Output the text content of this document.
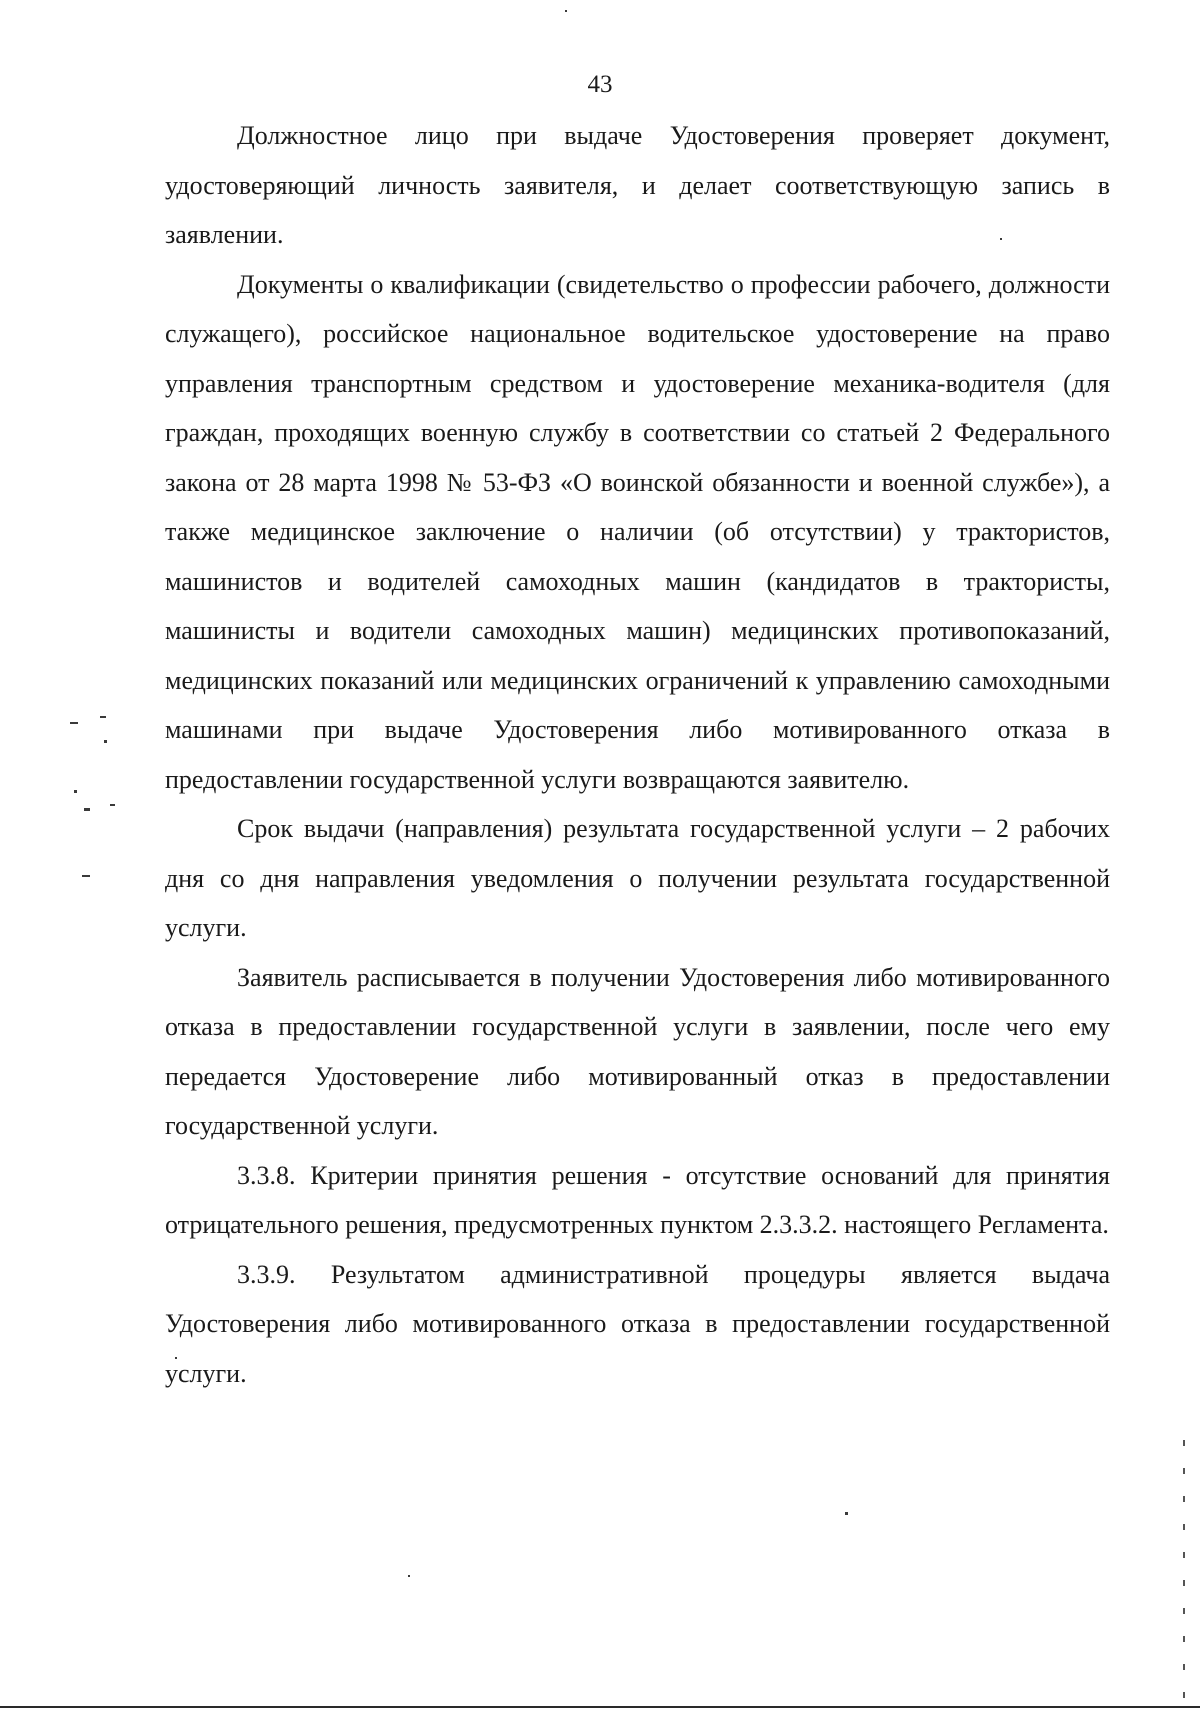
43

Должностное лицо при выдаче Удостоверения проверяет документ, удостоверяющий личность заявителя, и делает соответствующую запись в заявлении.

Документы о квалификации (свидетельство о профессии рабочего, должности служащего), российское национальное водительское удостоверение на право управления транспортным средством и удостоверение механика-водителя (для граждан, проходящих военную службу в соответствии со статьей 2 Федерального закона от 28 марта 1998 № 53-ФЗ «О воинской обязанности и военной службе»), а также медицинское заключение о наличии (об отсутствии) у трактористов, машинистов и водителей самоходных машин (кандидатов в трактористы, машинисты и водители самоходных машин) медицинских противопоказаний, медицинских показаний или медицинских ограничений к управлению самоходными машинами при выдаче Удостоверения либо мотивированного отказа в предоставлении государственной услуги возвращаются заявителю.

Срок выдачи (направления) результата государственной услуги – 2 рабочих дня со дня направления уведомления о получении результата государственной услуги.

Заявитель расписывается в получении Удостоверения либо мотивированного отказа в предоставлении государственной услуги в заявлении, после чего ему передается Удостоверение либо мотивированный отказ в предоставлении государственной услуги.

3.3.8. Критерии принятия решения - отсутствие оснований для принятия отрицательного решения, предусмотренных пунктом 2.3.3.2. настоящего Регламента.

3.3.9. Результатом административной процедуры является выдача Удостоверения либо мотивированного отказа в предоставлении государственной услуги.
